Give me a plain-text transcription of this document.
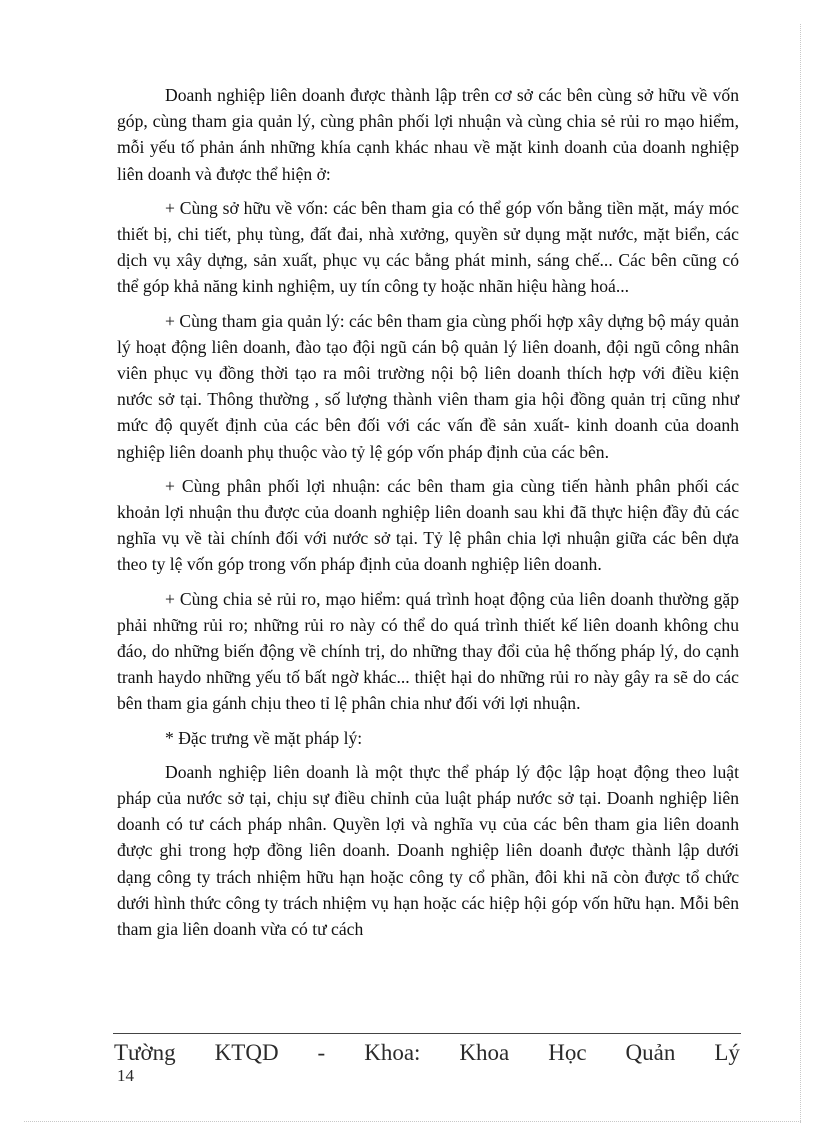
Doanh nghiệp liên doanh được thành lập trên cơ sở các bên cùng sở hữu về vốn góp, cùng tham gia quản lý, cùng phân phối lợi nhuận và cùng chia sẻ rủi ro mạo hiểm, mỗi yếu tố phản ánh những khía cạnh khác nhau về mặt kinh doanh của doanh nghiệp liên doanh và được thể hiện ở:

+ Cùng sở hữu về vốn: các bên tham gia có thể góp vốn bằng tiền mặt, máy móc thiết bị, chi tiết, phụ tùng, đất đai, nhà xưởng, quyền sử dụng mặt nước, mặt biển, các dịch vụ xây dựng, sản xuất, phục vụ các bằng phát minh, sáng chế... Các bên cũng có thể góp khả năng kinh nghiệm, uy tín công ty hoặc nhãn hiệu hàng hoá...

+ Cùng tham gia quản lý: các bên tham gia cùng phối hợp xây dựng bộ máy quản lý hoạt động liên doanh, đào tạo đội ngũ cán bộ quản lý liên doanh, đội ngũ công nhân viên phục vụ đồng thời tạo ra môi trường nội bộ liên doanh thích hợp với điều kiện nước sở tại. Thông thường , số lượng thành viên tham gia hội đồng quản trị cũng như mức độ quyết định của các bên đối với các vấn đề sản xuất- kinh doanh của doanh nghiệp liên doanh phụ thuộc vào tỷ lệ góp vốn pháp định của các bên.

+ Cùng phân phối lợi nhuận: các bên tham gia cùng tiến hành phân phối các khoản lợi nhuận thu được của doanh nghiệp liên doanh sau khi đã thực hiện đầy đủ các nghĩa vụ về tài chính đối với nước sở tại. Tỷ lệ phân chia lợi nhuận giữa các bên dựa theo ty lệ vốn góp trong vốn pháp định của doanh nghiệp liên doanh.

+ Cùng chia sẻ rủi ro, mạo hiểm: quá trình hoạt động của liên doanh thường gặp phải những rủi ro; những rủi ro này có thể do quá trình thiết kế liên doanh không chu đáo, do những biến động về chính trị, do những thay đổi của hệ thống pháp lý, do cạnh tranh haydo những yếu tố bất ngờ khác... thiệt hại do những rủi ro này gây ra sẽ do các bên tham gia gánh chịu theo tỉ lệ phân chia như đối với lợi nhuận.

* Đặc trưng về mặt pháp lý:

Doanh nghiệp liên doanh là một thực thể pháp lý độc lập hoạt động theo luật pháp của nước sở tại, chịu sự điều chỉnh của luật pháp nước sở tại. Doanh nghiệp liên doanh có tư cách pháp nhân. Quyền lợi và nghĩa vụ của các bên tham gia liên doanh được ghi trong hợp đồng liên doanh. Doanh nghiệp liên doanh được thành lập dưới dạng công ty trách nhiệm hữu hạn hoặc công ty cổ phần, đôi khi nã còn được tổ chức dưới hình thức công ty trách nhiệm vụ hạn hoặc các hiệp hội góp vốn hữu hạn. Mỗi bên tham gia liên doanh vừa có tư cách

Tường KTQD - Khoa: Khoa Học Quản Lý
14
